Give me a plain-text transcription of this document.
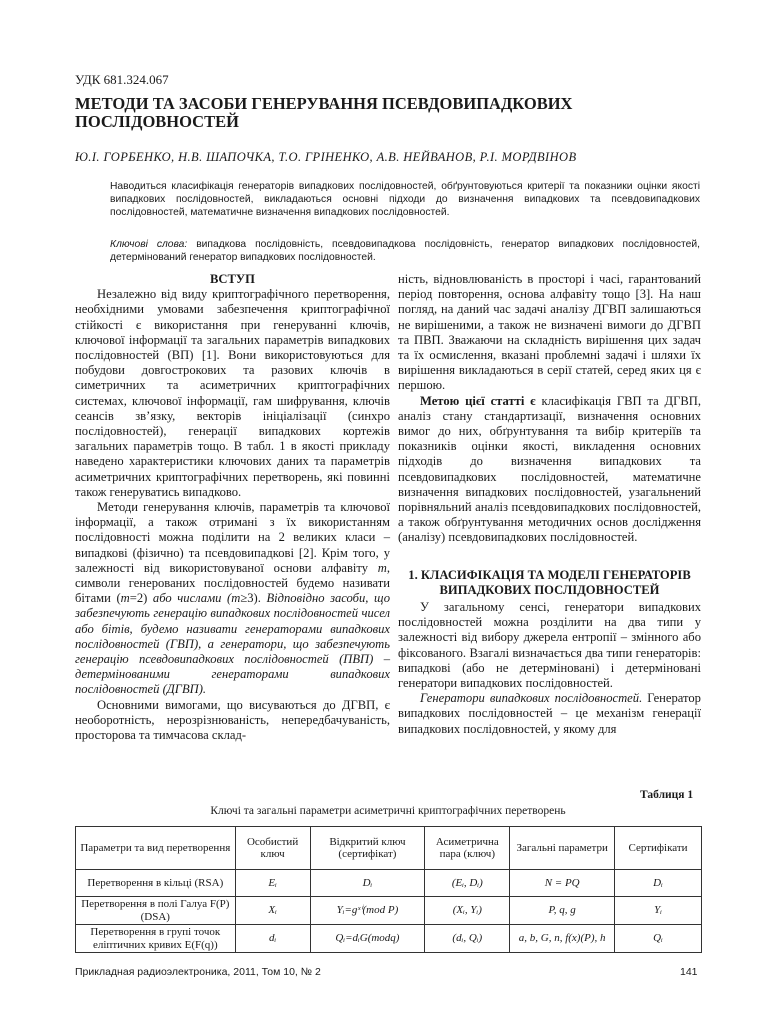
УДК 681.324.067
МЕТОДИ ТА ЗАСОБИ ГЕНЕРУВАННЯ ПСЕВДОВИПАДКОВИХ ПОСЛІДОВНОСТЕЙ
Ю.І. ГОРБЕНКО, Н.В. ШАПОЧКА, Т.О. ГРІНЕНКО, А.В. НЕЙВАНОВ, Р.І. МОРДВІНОВ
Наводиться класифікація генераторів випадкових послідовностей, обґрунтовуються критерії та показники оцінки якості випадкових послідовностей, викладаються основні підходи до визначення випадкових та псевдовипадкових послідовностей, математичне визначення випадкових послідовностей.
Ключові слова: випадкова послідовність, псевдовипадкова послідовність, генератор випадкових послідовностей, детермінований генератор випадкових послідовностей.

ВСТУП

Незалежно від виду криптографічного перетворення, необхідними умовами забезпечення криптографічної стійкості є використання при генеруванні ключів, ключової інформації та загальних параметрів випадкових послідовностей (ВП) [1]. Вони використовуються для побудови довгострокових та разових ключів в симетричних та асиметричних криптографічних системах, ключової інформації, гам шифрування, ключів сеансів зв’язку, векторів ініціалізації (синхро послідовностей), генерації випадкових кортежів загальних параметрів тощо. В табл. 1 в якості прикладу наведено характеристики ключових даних та параметрів асиметричних криптографічних перетворень, які повинні також генеруватись випадково.

Методи генерування ключів, параметрів та ключової інформації, а також отримані з їх використанням послідовності можна поділити на 2 великих класи – випадкові (фізично) та псевдовипадкові [2]. Крім того, у залежності від використовуваної основи алфавіту m, символи генерованих послідовностей будемо називати бітами (m=2) або числами (m≥3). Відповідно засоби, що забезпечують генерацію випадкових послідовностей чисел або бітів, будемо називати генераторами випадкових послідовностей (ГВП), а генератори, що забезпечують генерацію псевдовипадкових послідовностей (ПВП) – детермінованими генераторами випадкових послідовностей (ДГВП).

Основними вимогами, що висуваються до ДГВП, є необоротність, нерозрізнюваність, непередбачуваність, просторова та тимчасова склад-

ність, відновлюваність в просторі і часі, гарантований період повторення, основа алфавіту тощо [3]. На наш погляд, на даний час задачі аналізу ДГВП залишаються не вирішеними, а також не визначені вимоги до ДГВП та ПВП. Зважаючи на складність вирішення цих задач та їх осмислення, вказані проблемні задачі і шляхи їх вирішення викладаються в серії статей, серед яких ця є першою.

Метою цієї статті є класифікація ГВП та ДГВП, аналіз стану стандартизації, визначення основних вимог до них, обґрунтування та вибір критеріїв та показників оцінки якості, викладення основних підходів до визначення випадкових та псевдовипадкових послідовностей, математичне визначення випадкових послідовностей, узагальнений порівняльний аналіз псевдовипадкових послідовностей, а також обґрунтування методичних основ дослідження (аналізу) псевдовипадкових послідовностей.

1. КЛАСИФІКАЦІЯ ТА МОДЕЛІ ГЕНЕРАТОРІВ ВИПАДКОВИХ ПОСЛІДОВНОСТЕЙ

У загальному сенсі, генератори випадкових послідовностей можна розділити на два типи у залежності від вибору джерела ентропії – змінного або фіксованого. Взагалі визначається два типи генераторів: випадкові (або не детерміновані) і детерміновані генератори випадкових послідовностей.

Генератори випадкових послідовностей. Генератор випадкових послідовностей – це механізм генерації випадкових послідовностей, у якому для

Таблиця 1
Ключі та загальні параметри асиметричні криптографічних перетворень
Параметри та вид перетворення	Особистий ключ	Відкритий ключ (сертифікат)	Асиметрична пара (ключ)	Загальні параметри	Сертифікати
Перетворення в кільці (RSA)	Eᵢ	Dᵢ	(Eᵢ, Dᵢ)	N = PQ	Dᵢ
Перетворення в полі Галуа F(P) (DSA)	Xᵢ	Yᵢ=gˣⁱ(mod P)	(Xᵢ, Yᵢ)	P, q, g	Yᵢ
Перетворення в групі точок еліптичних кривих E(F(q))	dᵢ	Qᵢ=dᵢG(modq)	(dᵢ, Qᵢ)	a, b, G, n, f(x)(P), h	Qᵢ
Прикладная радиоэлектроника, 2011, Том 10, № 2	141
